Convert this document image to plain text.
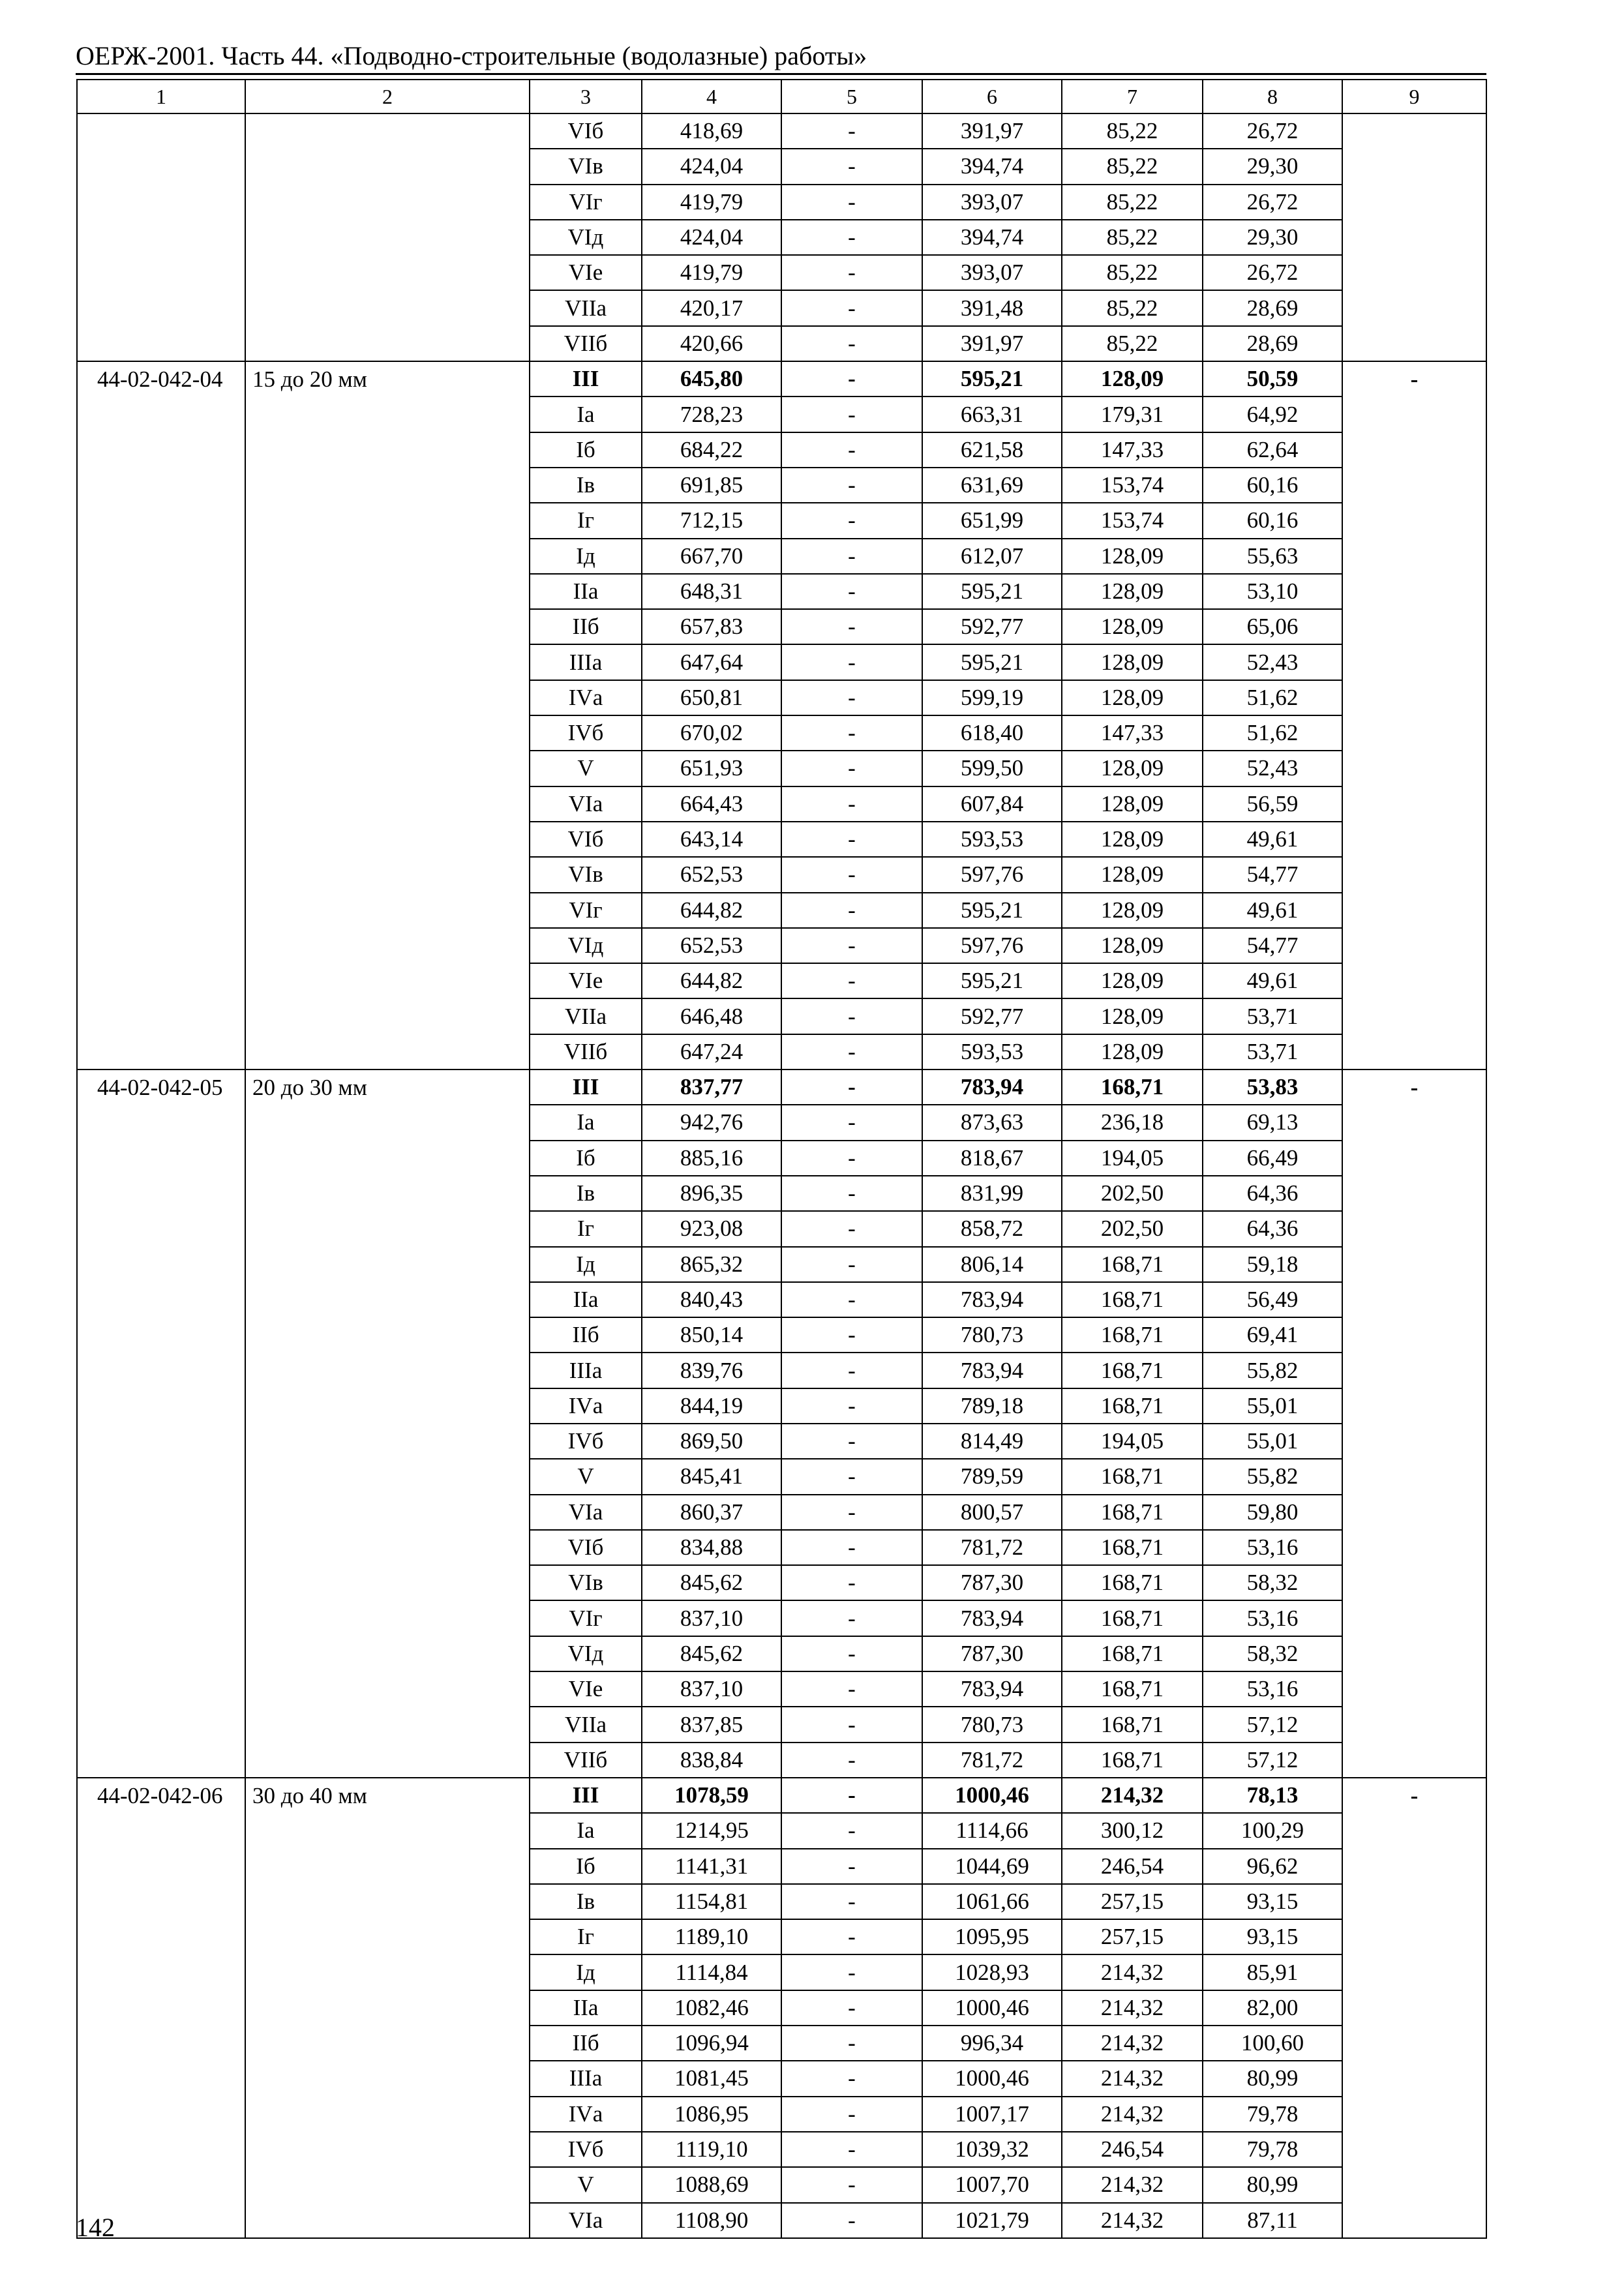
ОЕРЖ-2001. Часть 44. «Подводно-строительные (водолазные) работы»
1	2	3	4	5	6	7	8	9
		VIб	418,69	-	391,97	85,22	26,72	
		VIв	424,04	-	394,74	85,22	29,30	
		VIг	419,79	-	393,07	85,22	26,72	
		VIд	424,04	-	394,74	85,22	29,30	
		VIе	419,79	-	393,07	85,22	26,72	
		VIIа	420,17	-	391,48	85,22	28,69	
		VIIб	420,66	-	391,97	85,22	28,69	
44-02-042-04	15 до 20 мм	III	645,80	-	595,21	128,09	50,59	-
		Iа	728,23	-	663,31	179,31	64,92	
		Iб	684,22	-	621,58	147,33	62,64	
		Iв	691,85	-	631,69	153,74	60,16	
		Iг	712,15	-	651,99	153,74	60,16	
		Iд	667,70	-	612,07	128,09	55,63	
		IIа	648,31	-	595,21	128,09	53,10	
		IIб	657,83	-	592,77	128,09	65,06	
		IIIа	647,64	-	595,21	128,09	52,43	
		IVа	650,81	-	599,19	128,09	51,62	
		IVб	670,02	-	618,40	147,33	51,62	
		V	651,93	-	599,50	128,09	52,43	
		VIа	664,43	-	607,84	128,09	56,59	
		VIб	643,14	-	593,53	128,09	49,61	
		VIв	652,53	-	597,76	128,09	54,77	
		VIг	644,82	-	595,21	128,09	49,61	
		VIд	652,53	-	597,76	128,09	54,77	
		VIе	644,82	-	595,21	128,09	49,61	
		VIIа	646,48	-	592,77	128,09	53,71	
		VIIб	647,24	-	593,53	128,09	53,71	
44-02-042-05	20 до 30 мм	III	837,77	-	783,94	168,71	53,83	-
		Iа	942,76	-	873,63	236,18	69,13	
		Iб	885,16	-	818,67	194,05	66,49	
		Iв	896,35	-	831,99	202,50	64,36	
		Iг	923,08	-	858,72	202,50	64,36	
		Iд	865,32	-	806,14	168,71	59,18	
		IIа	840,43	-	783,94	168,71	56,49	
		IIб	850,14	-	780,73	168,71	69,41	
		IIIа	839,76	-	783,94	168,71	55,82	
		IVа	844,19	-	789,18	168,71	55,01	
		IVб	869,50	-	814,49	194,05	55,01	
		V	845,41	-	789,59	168,71	55,82	
		VIа	860,37	-	800,57	168,71	59,80	
		VIб	834,88	-	781,72	168,71	53,16	
		VIв	845,62	-	787,30	168,71	58,32	
		VIг	837,10	-	783,94	168,71	53,16	
		VIд	845,62	-	787,30	168,71	58,32	
		VIе	837,10	-	783,94	168,71	53,16	
		VIIа	837,85	-	780,73	168,71	57,12	
		VIIб	838,84	-	781,72	168,71	57,12	
44-02-042-06	30 до 40 мм	III	1078,59	-	1000,46	214,32	78,13	-
		Iа	1214,95	-	1114,66	300,12	100,29	
		Iб	1141,31	-	1044,69	246,54	96,62	
		Iв	1154,81	-	1061,66	257,15	93,15	
		Iг	1189,10	-	1095,95	257,15	93,15	
		Iд	1114,84	-	1028,93	214,32	85,91	
		IIа	1082,46	-	1000,46	214,32	82,00	
		IIб	1096,94	-	996,34	214,32	100,60	
		IIIа	1081,45	-	1000,46	214,32	80,99	
		IVа	1086,95	-	1007,17	214,32	79,78	
		IVб	1119,10	-	1039,32	246,54	79,78	
		V	1088,69	-	1007,70	214,32	80,99	
		VIа	1108,90	-	1021,79	214,32	87,11	
142
